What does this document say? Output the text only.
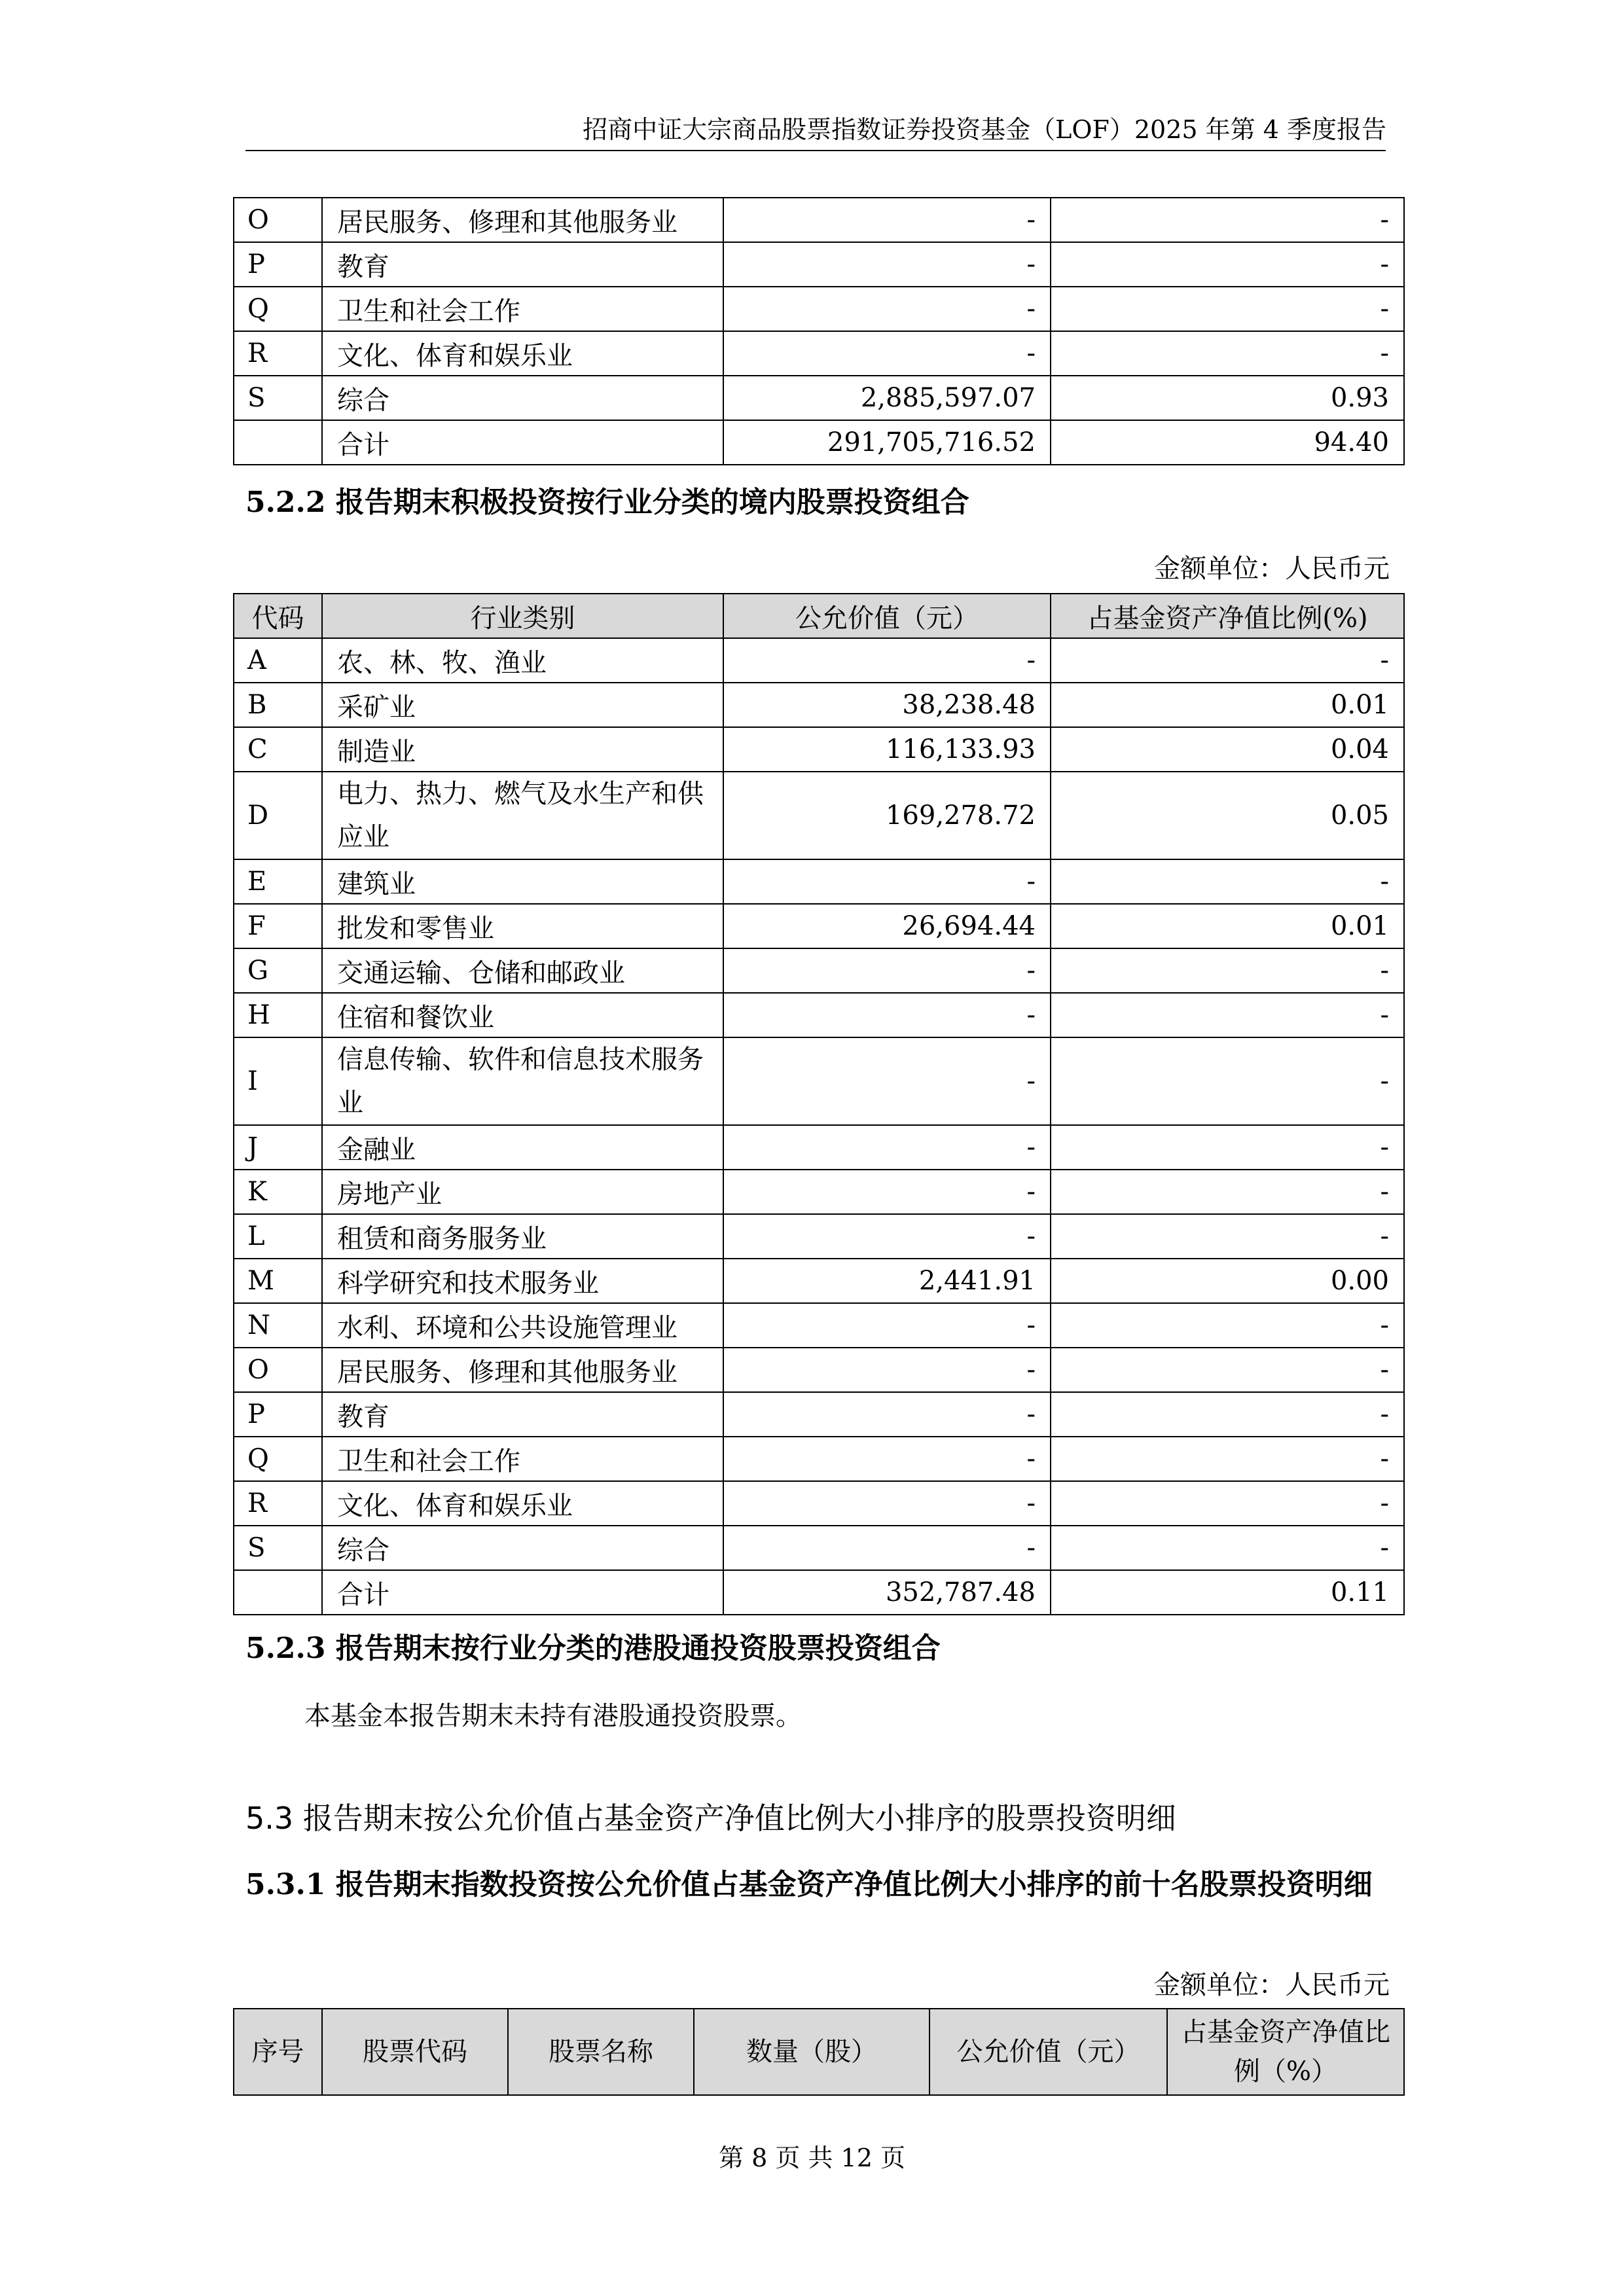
招商中证大宗商品股票指数证券投资基金（LOF）2025 年第 4 季度报告
O	居民服务、修理和其他服务业	-	-
P	教育	-	-
Q	卫生和社会工作	-	-
R	文化、体育和娱乐业	-	-
S	综合	2,885,597.07	0.93
	合计	291,705,716.52	94.40
5.2.2 报告期末积极投资按行业分类的境内股票投资组合
金额单位：人民币元
代码	行业类别	公允价值（元）	占基金资产净值比例(%)
A	农、林、牧、渔业	-	-
B	采矿业	38,238.48	0.01
C	制造业	116,133.93	0.04
D	电力、热力、燃气及水生产和供应业	169,278.72	0.05
E	建筑业	-	-
F	批发和零售业	26,694.44	0.01
G	交通运输、仓储和邮政业	-	-
H	住宿和餐饮业	-	-
I	信息传输、软件和信息技术服务业	-	-
J	金融业	-	-
K	房地产业	-	-
L	租赁和商务服务业	-	-
M	科学研究和技术服务业	2,441.91	0.00
N	水利、环境和公共设施管理业	-	-
O	居民服务、修理和其他服务业	-	-
P	教育	-	-
Q	卫生和社会工作	-	-
R	文化、体育和娱乐业	-	-
S	综合	-	-
	合计	352,787.48	0.11
5.2.3 报告期末按行业分类的港股通投资股票投资组合
本基金本报告期末未持有港股通投资股票。
5.3 报告期末按公允价值占基金资产净值比例大小排序的股票投资明细
5.3.1 报告期末指数投资按公允价值占基金资产净值比例大小排序的前十名股票投资明细
金额单位：人民币元
序号	股票代码	股票名称	数量（股）	公允价值（元）	占基金资产净值比例（%）
第 8 页 共 12 页
